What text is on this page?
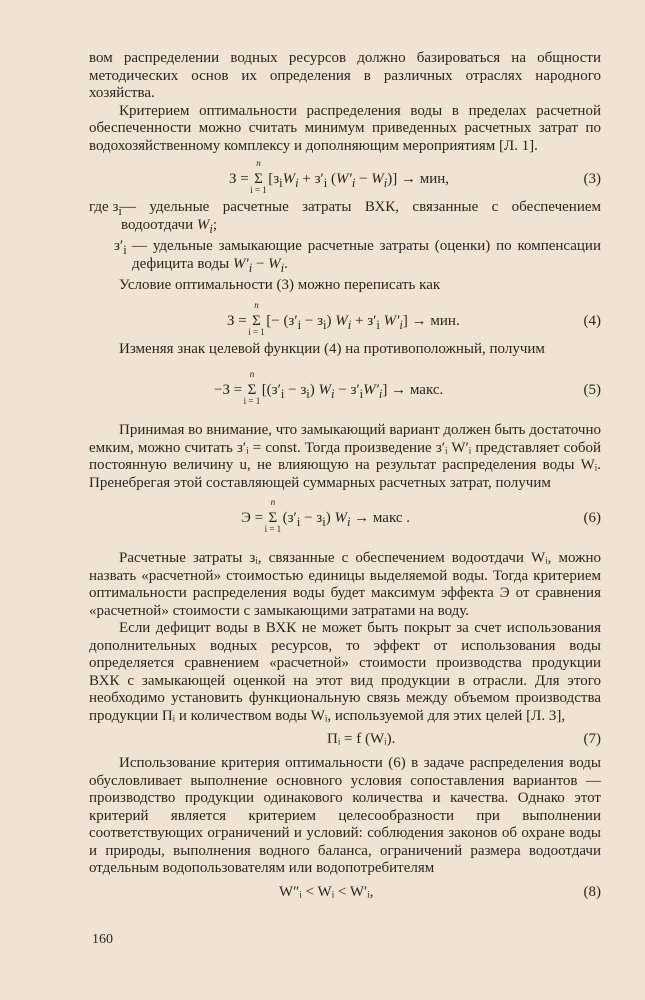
вом распределении водных ресурсов должно базироваться на общности методических основ их определения в различных отраслях народного хозяйства.

Критерием оптимальности распределения воды в пределах расчетной обеспеченности можно считать минимум приведенных расчетных затрат по водохозяйственному комплексу и дополняющим мероприятиям [Л. 1].

З = Σ
n
i = 1
[$з_iW_i + з'_i$ $(W'_i - W_i)$] → мин,	(3)
где $з_i$ — удельные расчетные затраты ВХК, связанные с обеспечением водоотдачи $W_i$;
$з'_i$ — удельные замыкающие расчетные затраты (оценки) по компенсации дефицита воды $W'_i - W_i$.

Условие оптимальности (3) можно переписать как

З = Σ
n
i = 1
[− $(з'_i - з_i) W_i + з'_i$ $W'_i$] → мин.	(4)

Изменяя знак целевой функции (4) на противоположный, получим

−З = Σ
n
i = 1
$[(з'_i - з_i) W_i - з'_iW'_i]$ → макс.	(5)

Принимая во внимание, что замыкающий вариант должен быть достаточно емким, можно считать з′ᵢ = const. Тогда произведение з′ᵢ W′ᵢ представляет собой постоянную величину u, не влияющую на результат распределения воды Wᵢ. Пренебрегая этой составляющей суммарных расчетных затрат, получим

Э = Σ
n
i = 1
$(з'_i - з_i) W_i$ → макс .	(6)

Расчетные затраты зᵢ, связанные с обеспечением водоотдачи Wᵢ, можно назвать «расчетной» стоимостью единицы выделяемой воды. Тогда критерием оптимальности распределения воды будет максимум эффекта Э от сравнения «расчетной» стоимости с замыкающими затратами на воду.

Если дефицит воды в ВХК не может быть покрыт за счет использования дополнительных водных ресурсов, то эффект от использования воды определяется сравнением «расчетной» стоимости производства продукции ВХК с замыкающей оценкой на этот вид продукции в отрасли. Для этого необходимо установить функциональную связь между объемом производства продукции Пᵢ и количеством воды Wᵢ, используемой для этих целей [Л. 3],

Пᵢ = f (Wᵢ).	(7)

Использование критерия оптимальности (6) в задаче распределения воды обусловливает выполнение основного условия сопоставления вариантов — производство продукции одинакового количества и качества. Однако этот критерий является критерием целесообразности при выполнении соответствующих ограничений и условий: соблюдения законов об охране воды и природы, выполнения водного баланса, ограничений размера водоотдачи отдельным водопользователям или водопотребителям

W″ᵢ < Wᵢ < W′ᵢ,	(8)
160
